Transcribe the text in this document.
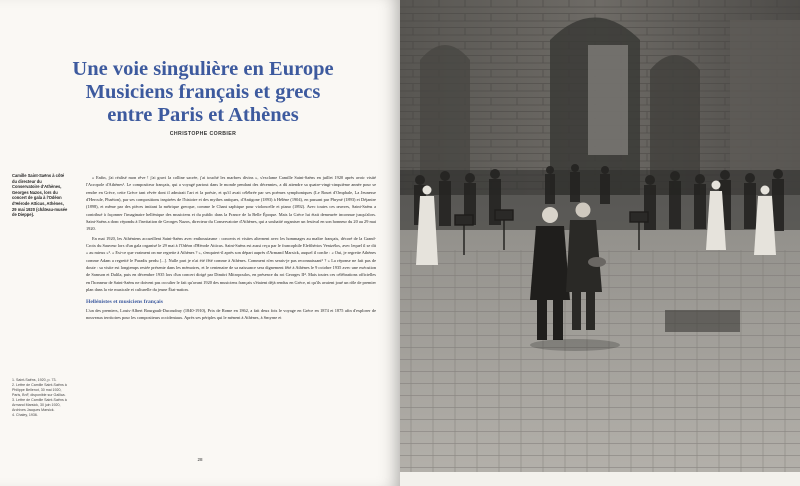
Une voie singulière en Europe
Musiciens français et grecs
entre Paris et Athènes
CHRISTOPHE CORBIER
Camille Saint-Saëns à côté du directeur du Conservatoire d'Athènes, Georges Nazos, lors du concert de gala à l'Odéon d'Hérode Atticus, Athènes, 29 mai 1920 (château-musée de Dieppe).

« Enfin, j'ai réalisé mon rêve ! j'ai gravi la colline sacrée, j'ai touché les marbres divins », s'exclame Camille Saint-Saëns en juillet 1920 après avoir visité l'Acropole d'Athènes¹. Le compositeur français, qui a voyagé partout dans le monde pendant des décennies, a dû attendre sa quatre-vingt-cinquième année pour se rendre en Grèce, cette Grèce tant rêvée dont il admirait l'art et la poésie, et qu'il avait célébrée par ses poèmes symphoniques (Le Rouet d'Omphale, La Jeunesse d'Hercule, Phaéton), par ses compositions inspirées de l'histoire et des mythes antiques, d'Antigone (1893) à Hélène (1904), en passant par Phryné (1893) et Déjanire (1898), et même par des pièces imitant la métrique grecque, comme le Chant saphique pour violoncelle et piano (1892). Avec toutes ces œuvres, Saint-Saëns a contribué à façonner l'imaginaire hellénique des musiciens et du public dans la France de la Belle Époque. Mais la Grèce lui était demeurée inconnue jusqu'alors. Saint-Saëns a donc répondu à l'invitation de Georges Nazos, directeur du Conservatoire d'Athènes, qui a souhaité organiser un festival en son honneur du 20 au 29 mai 1920.

En mai 1920, les Athéniens accueillent Saint-Saëns avec enthousiasme : concerts et visites alternent avec les hommages au maître français, décoré de la Grand-Croix du Sauveur lors d'un gala organisé le 29 mai à l'Odéon d'Hérode Atticus. Saint-Saëns est aussi reçu par le francophile Elefthérios Venizélos, avec lequel il se dit « au mieux »². « Est-ce que vraiment on me regrette à Athènes ? », s'enquiert-il après son départ auprès d'Armand Marsick, auquel il confie : « Oui, je regrette Athènes comme Adam a regretté le Paradis perdu [...]. Nulle part je n'ai été fêté comme à Athènes. Comment n'en serais-je pas reconnaissant³ ? » La réponse ne fait pas de doute : sa visite est longtemps restée présente dans les mémoires, et le centenaire de sa naissance sera dignement fêté à Athènes le 9 octobre 1935 avec une exécution de Samson et Dalila, puis en décembre 1935 lors d'un concert dirigé par Dimitri Mitropoulos, en présence du roi Georges II⁴. Mais toutes ces célébrations officielles en l'honneur de Saint-Saëns ne doivent pas occulter le fait qu'avant 1920 des musiciens français s'étaient déjà rendus en Grèce, ni qu'ils avaient joué un rôle de premier plan dans la vie musicale et culturelle du jeune État-nation.

Hellénistes et musiciens français

L'un des premiers, Louis-Albert Bourgault-Ducoudray (1840-1910), Prix de Rome en 1862, a fait deux fois le voyage en Grèce en 1874 et 1875 afin d'explorer de nouveaux territoires pour les compositeurs occidentaux. Après ses périples qui le mènent à Athènes, à Smyrne et

1. Saint-Saëns, 1920, p. 73.
2. Lettre de Camille Saint-Saëns à Philippe Bellenot, 30 mai 1920, Paris, BnF, disponible sur Gallica.
3. Lettre de Camille Saint-Saëns à Armand Marsick, 30 juin 1920, Archives Jacques Marsick.
4. Chaley, 1936.
28
